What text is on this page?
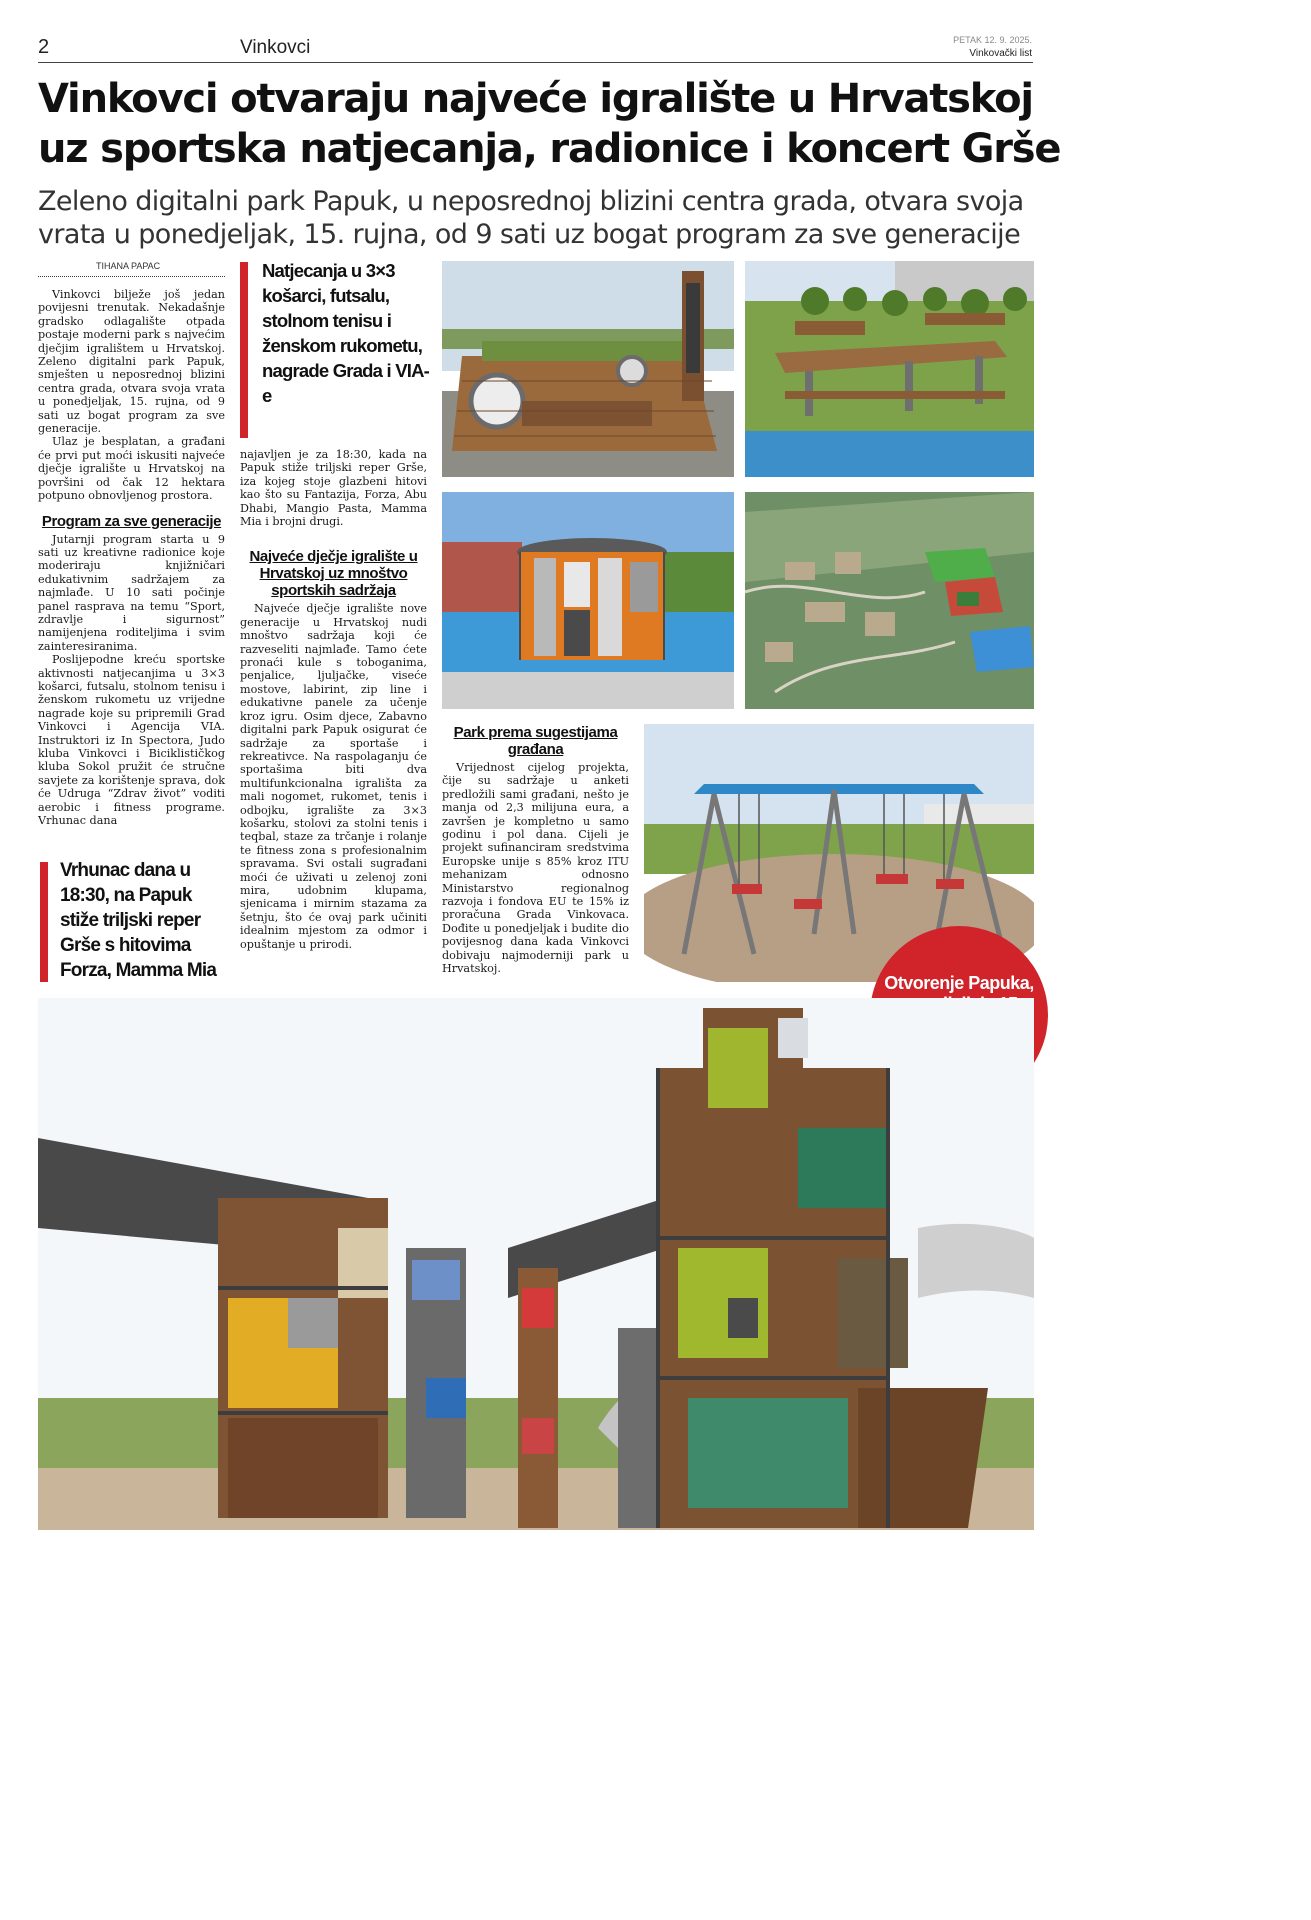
2	Vinkovci	PETAK 12. 9. 2025.
Vinkovački list
Vinkovci otvaraju najveće igralište u Hrvatskoj
uz sportska natjecanja, radionice i koncert Grše
Zeleno digitalni park Papuk, u neposrednoj blizini centra grada, otvara svoja
vrata u ponedjeljak, 15. rujna, od 9 sati uz bogat program za sve generacije
TIHANA PAPAC

Vinkovci bilježe još jedan povijesni trenutak. Nekadašnje gradsko odlagalište otpada postaje moderni park s najvećim dječjim igralištem u Hrvatskoj. Zeleno digitalni park Papuk, smješten u neposrednoj blizini centra grada, otvara svoja vrata u ponedjeljak, 15. rujna, od 9 sati uz bogat program za sve generacije.

Ulaz je besplatan, a građani će prvi put moći iskusiti najveće dječje igralište u Hrvatskoj na površini od čak 12 hektara potpuno obnovljenog prostora.

Program za sve generacije

Jutarnji program starta u 9 sati uz kreativne radionice koje moderiraju knjižničari edukativnim sadržajem za najmlađe. U 10 sati počinje panel rasprava na temu “Sport, zdravlje i sigurnost” namijenjena roditeljima i svim zainteresiranima.

Poslijepodne kreću sportske aktivnosti natjecanjima u 3×3 košarci, futsalu, stolnom tenisu i ženskom rukometu uz vrijedne nagrade koje su pripremili Grad Vinkovci i Agencija VIA. Instruktori iz In Spectora, Judo kluba Vinkovci i Biciklističkog kluba Sokol pružit će stručne savjete za korištenje sprava, dok će Udruga “Zdrav život” voditi aerobic i fitness programe. Vrhunac dana

Vrhunac dana u 18:30, na Papuk stiže triljski reper Grše s hitovima Forza, Mamma Mia
Natjecanja u 3×3 košarci, futsalu, stolnom tenisu i ženskom rukometu, nagrade Grada i VIA-e

najavljen je za 18:30, kada na Papuk stiže triljski reper Grše, iza kojeg stoje glazbeni hitovi kao što su Fantazija, Forza, Abu Dhabi, Mangio Pasta, Mamma Mia i brojni drugi.

Najveće dječje igralište u Hrvatskoj uz mnoštvo sportskih sadržaja

Najveće dječje igralište nove generacije u Hrvatskoj nudi mnoštvo sadržaja koji će razveseliti najmlađe. Tamo ćete pronaći kule s toboganima, penjalice, ljuljačke, viseće mostove, labirint, zip line i edukativne panele za učenje kroz igru. Osim djece, Zabavno digitalni park Papuk osigurat će sadržaje za sportaše i rekreativce. Na raspolaganju će sportašima biti dva multifunkcionalna igrališta za mali nogomet, rukomet, tenis i odbojku, igralište za 3×3 košarku, stolovi za stolni tenis i teqbal, staze za trčanje i rolanje te fitness zona s profesionalnim spravama. Svi ostali sugrađani moći će uživati u zelenoj zoni mira, udobnim klupama, sjenicama i mirnim stazama za šetnju, što će ovaj park učiniti idealnim mjestom za odmor i opuštanje u prirodi.

Park prema sugestijama građana

Vrijednost cijelog projekta, čije su sadržaje u anketi predložili sami građani, nešto je manja od 2,3 milijuna eura, a završen je kompletno u samo godinu i pol dana. Cijeli je projekt sufinanciram sredstvima Europske unije s 85% kroz ITU mehanizam odnosno Ministarstvo regionalnog razvoja i fondova EU te 15% iz proračuna Grada Vinkovaca. Dođite u ponedjeljak i budite dio povijesnog dana kada Vinkovci dobivaju najmoderniji park u Hrvatskoj.

Otvorenje Papuka,
